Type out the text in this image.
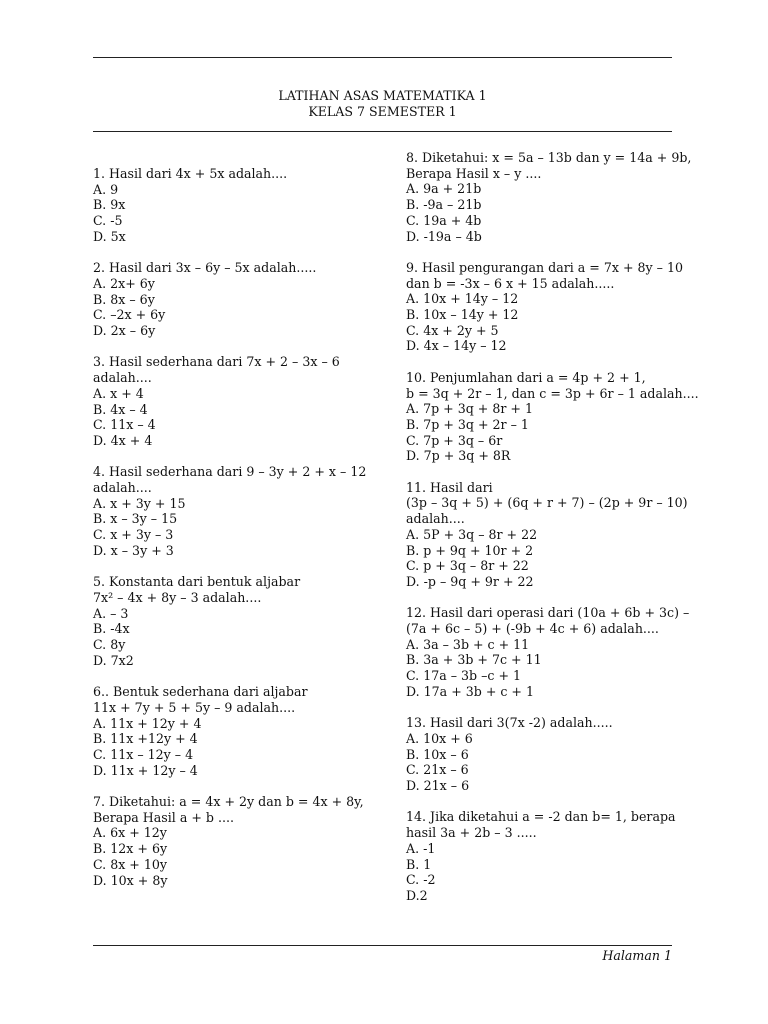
LATIHAN ASAS MATEMATIKA 1
KELAS 7 SEMESTER 1
1. Hasil dari 4x + 5x adalah....
A. 9
B. 9x
C. -5
D. 5x
2. Hasil dari 3x – 6y – 5x adalah.....
A. 2x+ 6y
B. 8x – 6y
C. –2x + 6y
D. 2x – 6y
3. Hasil sederhana dari 7x + 2 – 3x – 6
adalah....
A. x + 4
B. 4x – 4
C. 11x – 4
D. 4x + 4
4. Hasil sederhana dari 9 – 3y + 2 + x – 12
adalah....
A. x + 3y + 15
B. x – 3y – 15
C. x + 3y – 3
D. x – 3y + 3
5. Konstanta dari bentuk aljabar
7x² – 4x + 8y – 3 adalah....
A. – 3
B. -4x
C. 8y
D. 7x2
6.. Bentuk sederhana dari aljabar
11x + 7y + 5 + 5y – 9 adalah....
A. 11x + 12y + 4
B. 11x +12y + 4
C. 11x – 12y – 4
D. 11x + 12y – 4
7. Diketahui: a = 4x + 2y dan b = 4x + 8y,
Berapa Hasil a + b ....
A. 6x + 12y
B. 12x + 6y
C. 8x + 10y
D. 10x + 8y
8. Diketahui: x = 5a – 13b dan y = 14a + 9b,
Berapa Hasil x – y ....
A. 9a + 21b
B. -9a – 21b
C. 19a + 4b
D. -19a – 4b
9. Hasil pengurangan dari a = 7x + 8y – 10
dan b = -3x – 6 x + 15 adalah.....
A. 10x + 14y – 12
B. 10x – 14y + 12
C. 4x + 2y + 5
D. 4x – 14y – 12
10. Penjumlahan dari a = 4p + 2 + 1,
b = 3q + 2r – 1, dan c = 3p + 6r – 1 adalah....
A. 7p + 3q + 8r + 1
B. 7p + 3q + 2r – 1
C. 7p + 3q – 6r
D. 7p + 3q + 8R
11. Hasil dari
(3p – 3q + 5) + (6q + r + 7) – (2p + 9r – 10)
adalah....
A. 5P + 3q – 8r + 22
B. p + 9q + 10r + 2
C. p + 3q – 8r + 22
D. -p – 9q + 9r + 22
12. Hasil dari operasi dari (10a + 6b + 3c) –
(7a + 6c – 5) + (-9b + 4c + 6) adalah....
A. 3a – 3b + c + 11
B. 3a + 3b + 7c + 11
C. 17a – 3b –c + 1
D. 17a + 3b + c + 1
13. Hasil dari 3(7x -2) adalah.....
A. 10x + 6
B. 10x – 6
C. 21x – 6
D. 21x – 6
14. Jika diketahui a = -2 dan b= 1, berapa
hasil 3a + 2b – 3 .....
A. -1
B. 1
C. -2
D.2
Halaman 1
